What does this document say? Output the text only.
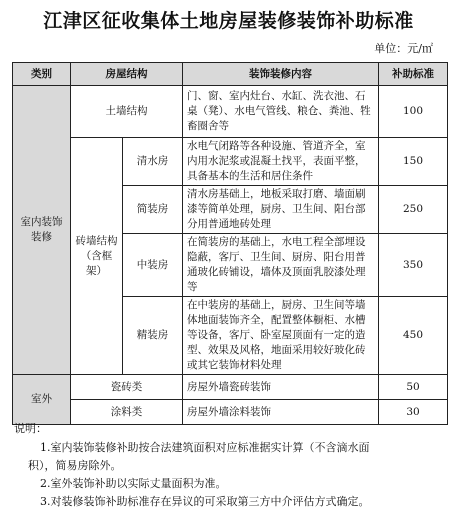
江津区征收集体土地房屋装修装饰补助标准
单位：元/㎡
类别	房屋结构		装饰装修内容	补助标准
室内装饰装修	土墙结构		门、窗、室内灶台、水缸、洗衣池、石桌（凳）、水电气管线、粮仓、粪池、牲畜圈舍等	100
	砖墙结构（含框架）	清水房	水电气闭路等各种设施、管道齐全，室内用水泥浆或混凝土找平，表面平整，具备基本的生活和居住条件	150
		简装房	清水房基础上，地板采取打磨、墙面刷漆等简单处理，厨房、卫生间、阳台部分用普通地砖处理	250
		中装房	在简装房的基础上，水电工程全部埋设隐蔽，客厅、卫生间、厨房、阳台用普通玻化砖铺设，墙体及顶面乳胶漆处理等	350
		精装房	在中装房的基础上，厨房、卫生间等墙体地面装饰齐全，配置整体橱柜、水槽等设备，客厅、卧室屋顶面有一定的造型、效果及风格，地面采用较好玻化砖或其它装饰材料处理	450
室外	瓷砖类		房屋外墙瓷砖装饰	50
	涂料类		房屋外墙涂料装饰	30
说明：
1.室内装饰装修补助按合法建筑面积对应标准据实计算（不含滴水面
积），简易房除外。
2.室外装饰补助以实际丈量面积为准。
3.对装修装饰补助标准存在异议的可采取第三方中介评估方式确定。
